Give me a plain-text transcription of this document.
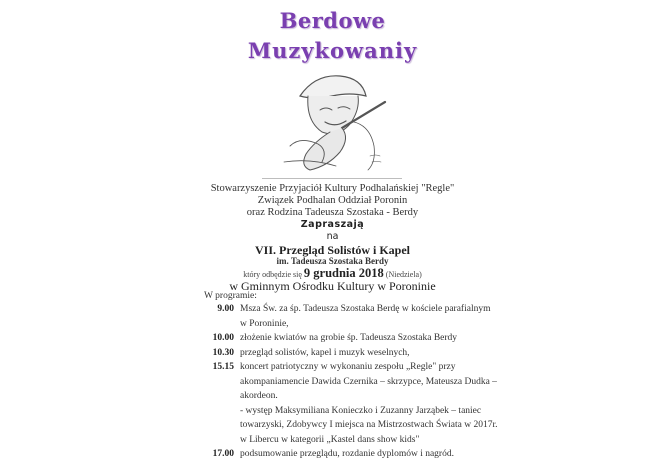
Berdowe
Muzykowaniy
Stowarzyszenie Przyjaciół Kultury Podhalańskiej "Regle"
Związek Podhalan Oddział Poronin
oraz Rodzina Tadeusza Szostaka - Berdy
Zapraszają
na
VII. Przegląd Solistów i Kapel
im. Tadeusza Szostaka Berdy
który odbędzie się 9 grudnia 2018 (Niedziela)
w Gminnym Ośrodku Kultury w Poroninie
W programie:
9.00 Msza Św. za śp. Tadeusza Szostaka Berdę w kościele parafialnym
w Poroninie,
10.00 złożenie kwiatów na grobie śp. Tadeusza Szostaka Berdy
10.30 przegląd solistów, kapel i muzyk weselnych,
15.15 koncert patriotyczny w wykonaniu zespołu „Regle" przy
akompaniamencie Dawida Czernika – skrzypce, Mateusza Dudka –
akordeon.
- występ Maksymiliana Konieczko i Zuzanny Jarząbek – taniec
towarzyski, Zdobywcy I miejsca na Mistrzostwach Świata w 2017r.
w Libercu w kategorii „Kastel dans show kids"
17.00 podsumowanie przeglądu, rozdanie dyplomów i nagród.
